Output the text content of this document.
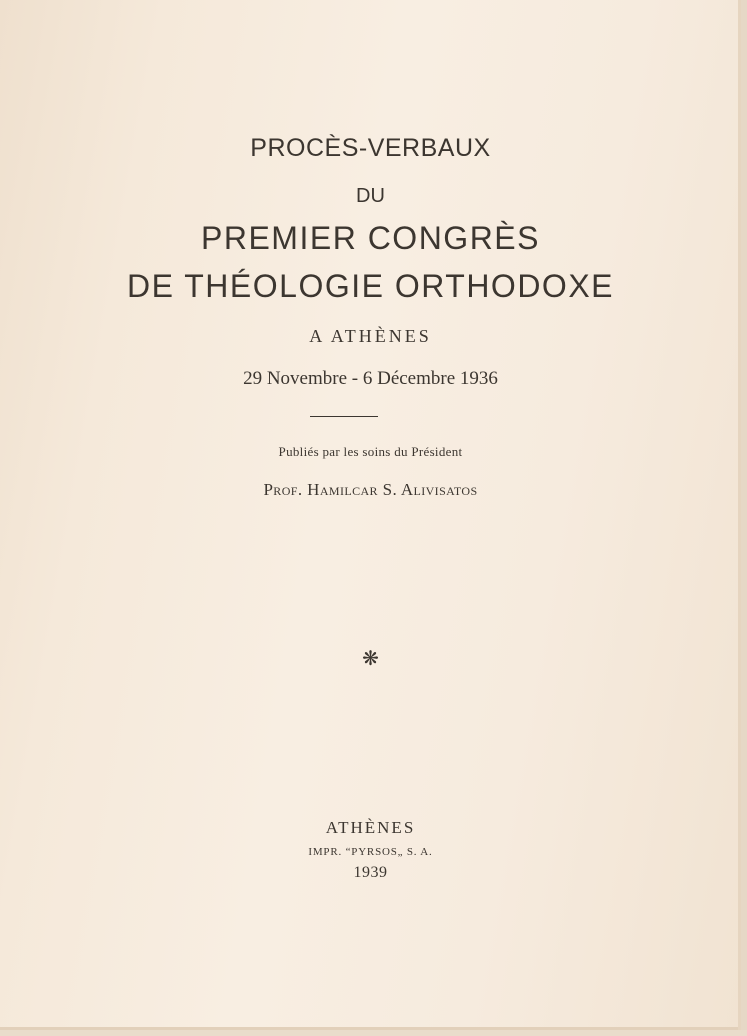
PROCÈS-VERBAUX
DU
PREMIER CONGRÈS
DE THÉOLOGIE ORTHODOXE
A ATHÈNES
29 Novembre - 6 Décembre 1936
Publiés par les soins du Président
Prof. Hamilcar S. Alivisatos
❋
ATHÈNES
IMPR. “PYRSOS„ S. A.
1939
